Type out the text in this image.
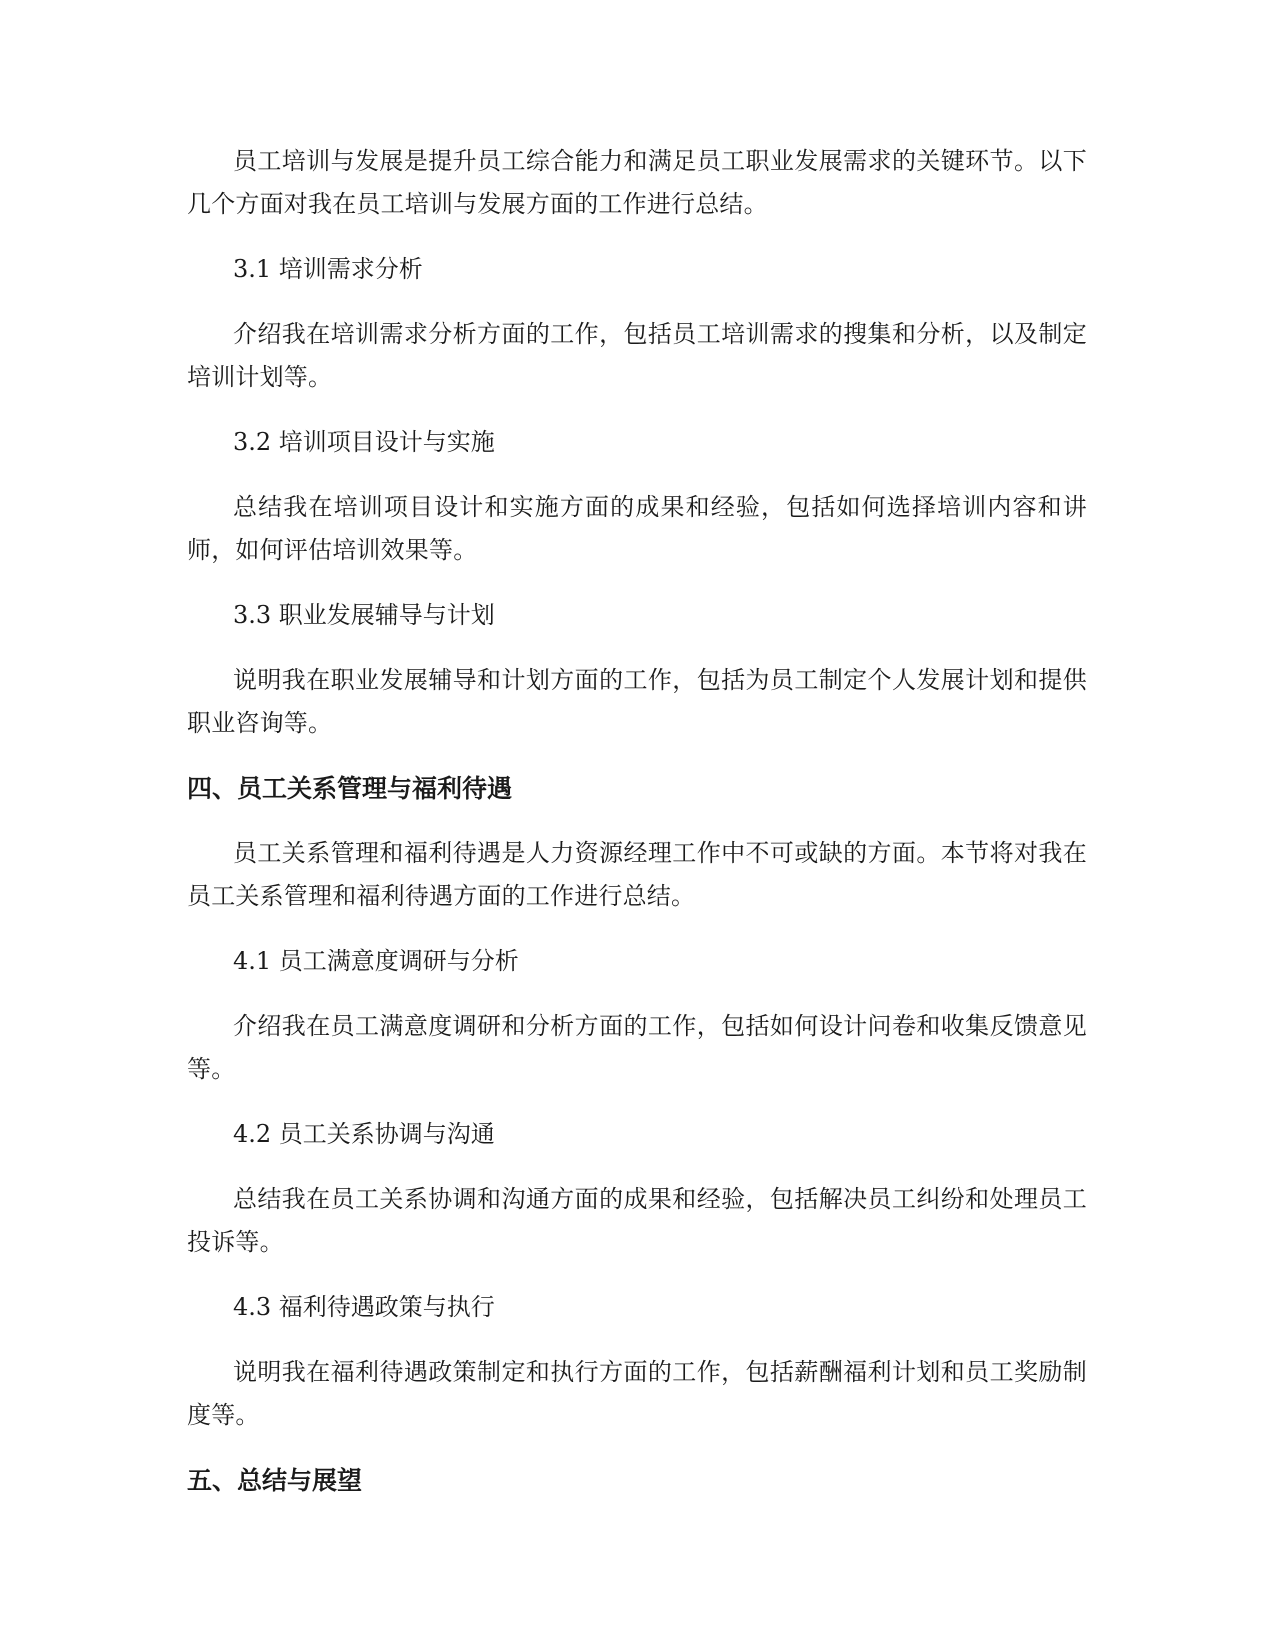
员工培训与发展是提升员工综合能力和满足员工职业发展需求的关键环节。以下几个方面对我在员工培训与发展方面的工作进行总结。

3.1 培训需求分析

介绍我在培训需求分析方面的工作，包括员工培训需求的搜集和分析，以及制定培训计划等。

3.2 培训项目设计与实施

总结我在培训项目设计和实施方面的成果和经验，包括如何选择培训内容和讲师，如何评估培训效果等。

3.3 职业发展辅导与计划

说明我在职业发展辅导和计划方面的工作，包括为员工制定个人发展计划和提供职业咨询等。

四、员工关系管理与福利待遇

员工关系管理和福利待遇是人力资源经理工作中不可或缺的方面。本节将对我在员工关系管理和福利待遇方面的工作进行总结。

4.1 员工满意度调研与分析

介绍我在员工满意度调研和分析方面的工作，包括如何设计问卷和收集反馈意见等。

4.2 员工关系协调与沟通

总结我在员工关系协调和沟通方面的成果和经验，包括解决员工纠纷和处理员工投诉等。

4.3 福利待遇政策与执行

说明我在福利待遇政策制定和执行方面的工作，包括薪酬福利计划和员工奖励制度等。

五、总结与展望
